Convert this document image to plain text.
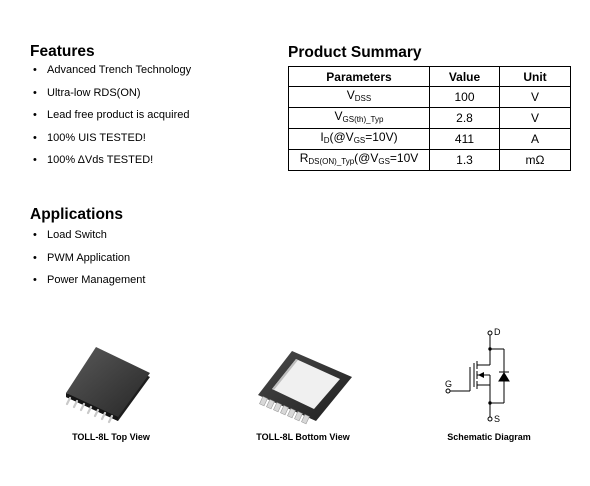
Features
• Advanced Trench Technology
• Ultra-low RDS(ON)
• Lead free product is acquired
• 100% UIS TESTED!
• 100% ΔVds TESTED!
Product Summary
Parameters	Value	Unit
$V_{DSS}$	100	V
$V_{GS(th)\_Typ}$	2.8	V
$I_D(@V_{GS}=10V)$	411	A
$R_{DS(ON)\_Typ}(@V_{GS}=10V$	1.3	mΩ
Applications
• Load Switch
• PWM Application
• Power Management
TOLL-8L Top View	TOLL-8L Bottom View
D
G
S
Schematic Diagram
